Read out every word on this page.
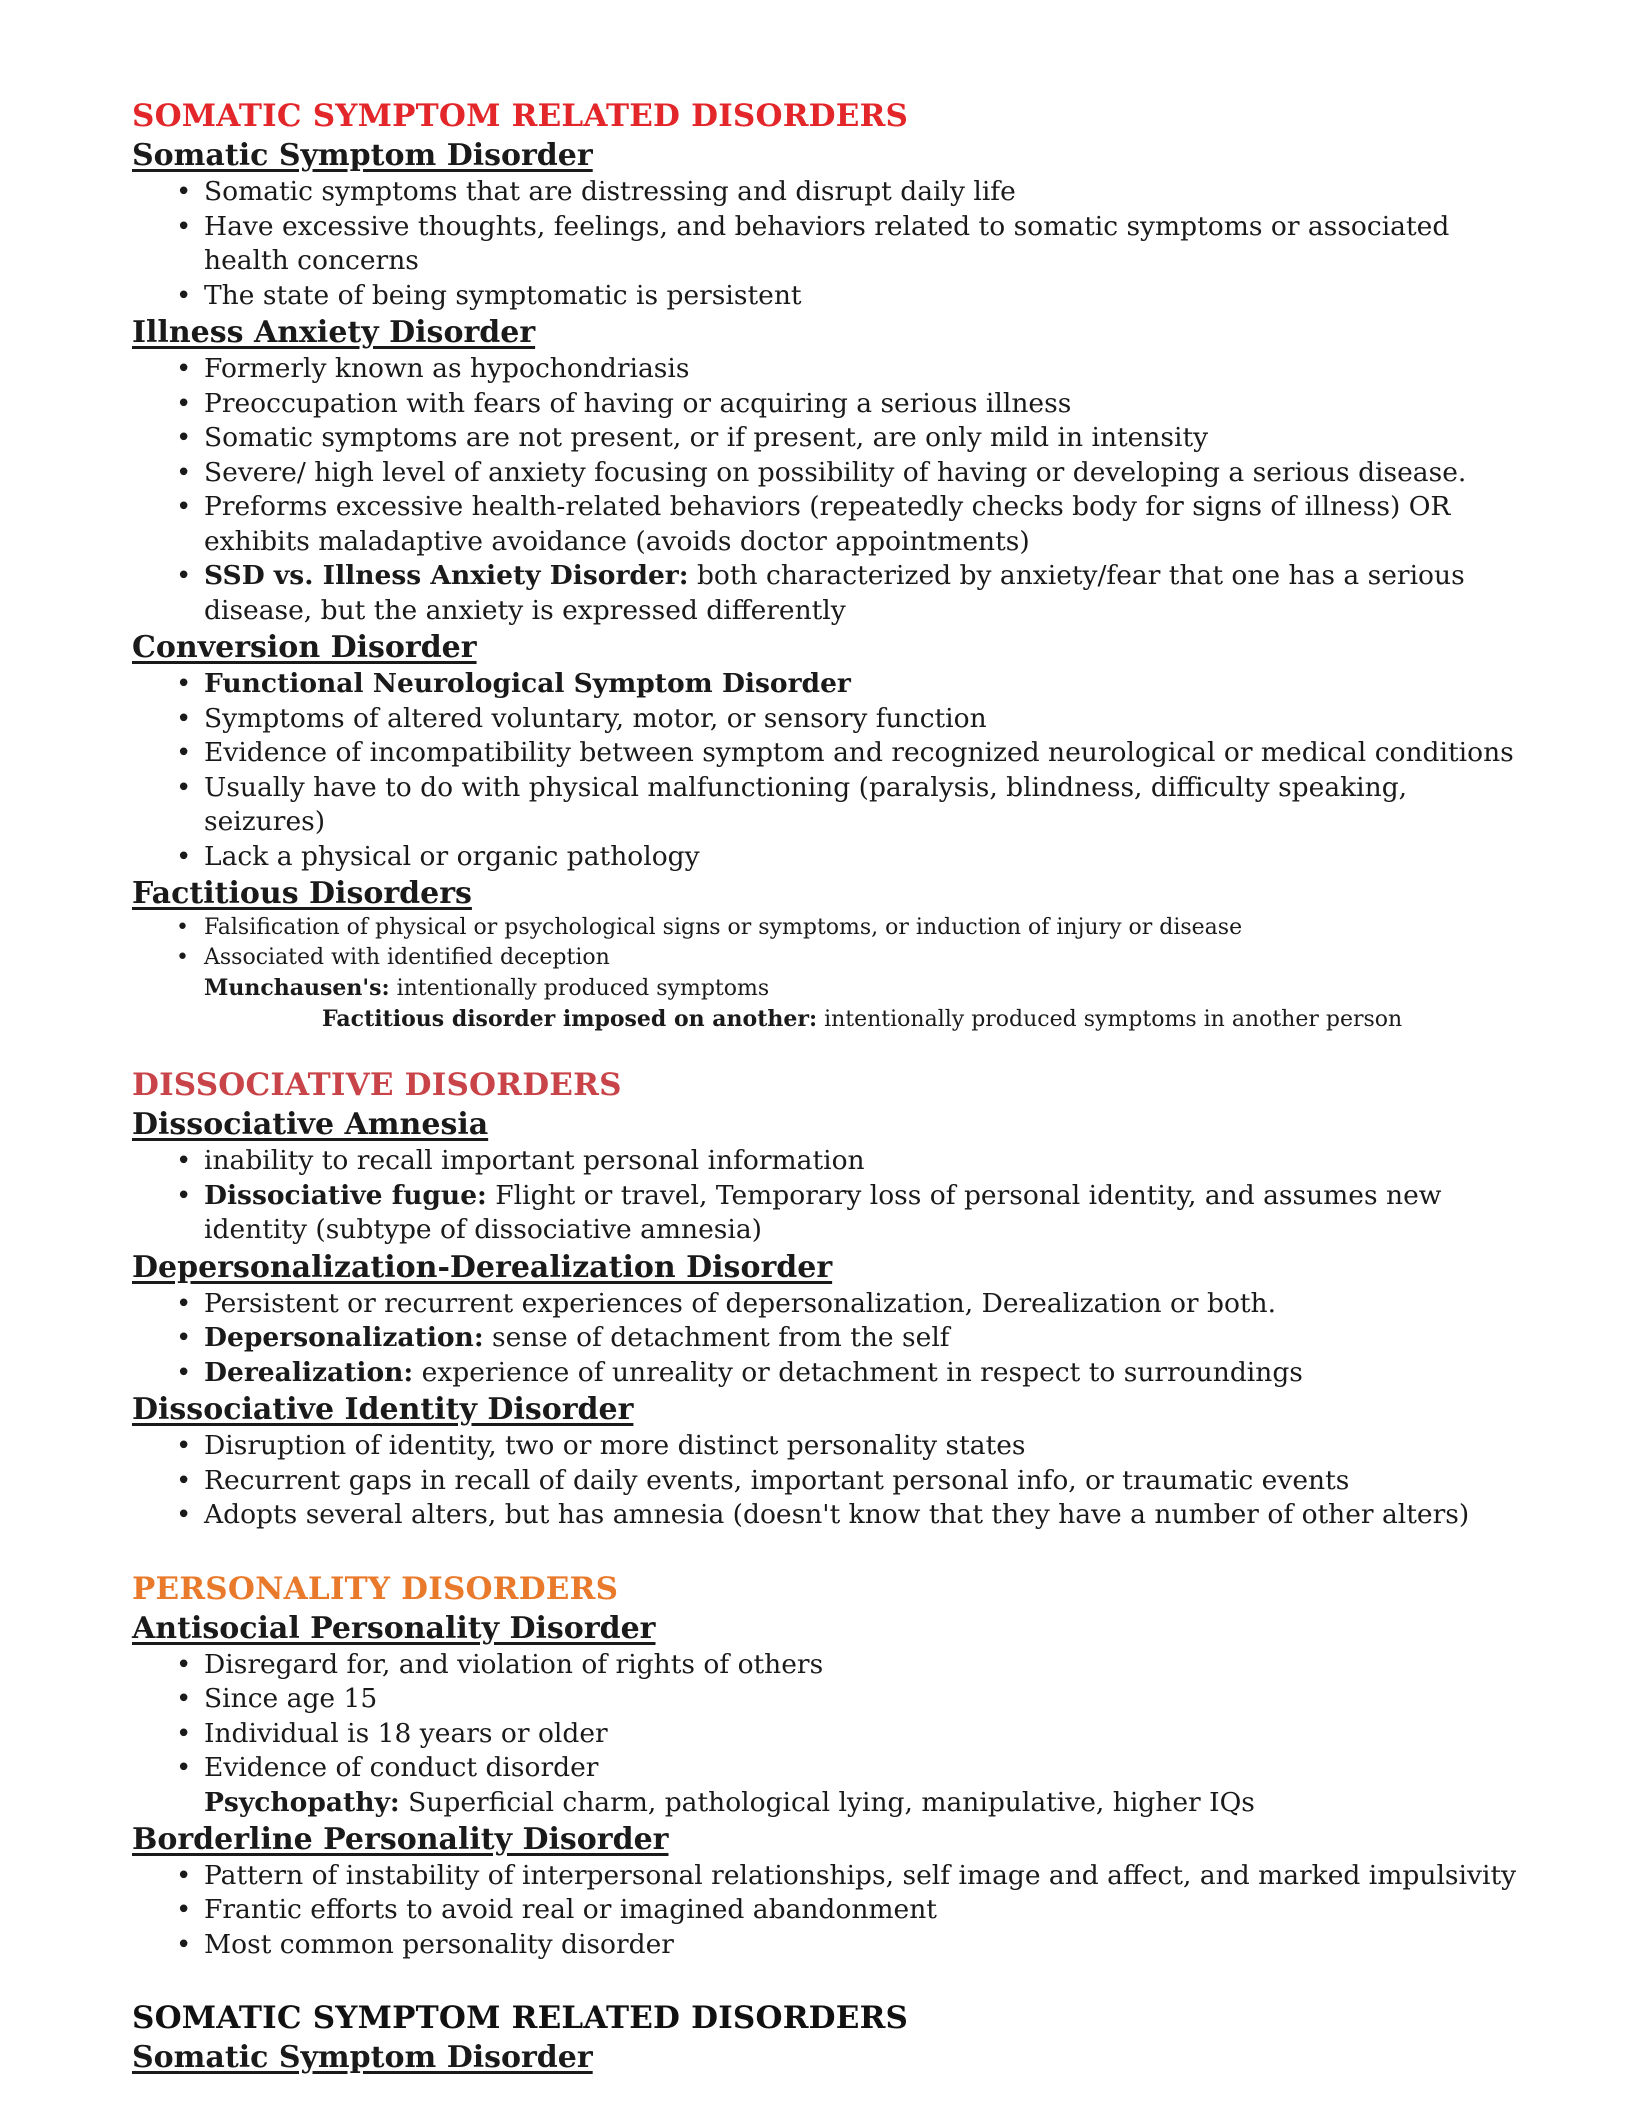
SOMATIC SYMPTOM RELATED DISORDERS
Somatic Symptom Disorder
• Somatic symptoms that are distressing and disrupt daily life
• Have excessive thoughts, feelings, and behaviors related to somatic symptoms or associated health concerns
• The state of being symptomatic is persistent
Illness Anxiety Disorder
• Formerly known as hypochondriasis
• Preoccupation with fears of having or acquiring a serious illness
• Somatic symptoms are not present, or if present, are only mild in intensity
• Severe/ high level of anxiety focusing on possibility of having or developing a serious disease.
• Preforms excessive health-related behaviors (repeatedly checks body for signs of illness) OR exhibits maladaptive avoidance (avoids doctor appointments)
• SSD vs. Illness Anxiety Disorder: both characterized by anxiety/fear that one has a serious disease, but the anxiety is expressed differently
Conversion Disorder
• Functional Neurological Symptom Disorder
• Symptoms of altered voluntary, motor, or sensory function
• Evidence of incompatibility between symptom and recognized neurological or medical conditions
• Usually have to do with physical malfunctioning (paralysis, blindness, difficulty speaking, seizures)
• Lack a physical or organic pathology
Factitious Disorders
• Falsification of physical or psychological signs or symptoms, or induction of injury or disease
• Associated with identified deception
Munchausen's: intentionally produced symptoms
Factitious disorder imposed on another: intentionally produced symptoms in another person
DISSOCIATIVE DISORDERS
Dissociative Amnesia
• inability to recall important personal information
• Dissociative fugue: Flight or travel, Temporary loss of personal identity, and assumes new identity (subtype of dissociative amnesia)
Depersonalization-Derealization Disorder
• Persistent or recurrent experiences of depersonalization, Derealization or both.
• Depersonalization: sense of detachment from the self
• Derealization: experience of unreality or detachment in respect to surroundings
Dissociative Identity Disorder
• Disruption of identity, two or more distinct personality states
• Recurrent gaps in recall of daily events, important personal info, or traumatic events
• Adopts several alters, but has amnesia (doesn't know that they have a number of other alters)
PERSONALITY DISORDERS
Antisocial Personality Disorder
• Disregard for, and violation of rights of others
• Since age 15
• Individual is 18 years or older
• Evidence of conduct disorder
Psychopathy: Superficial charm, pathological lying, manipulative, higher IQs
Borderline Personality Disorder
• Pattern of instability of interpersonal relationships, self image and affect, and marked impulsivity
• Frantic efforts to avoid real or imagined abandonment
• Most common personality disorder
SOMATIC SYMPTOM RELATED DISORDERS
Somatic Symptom Disorder
